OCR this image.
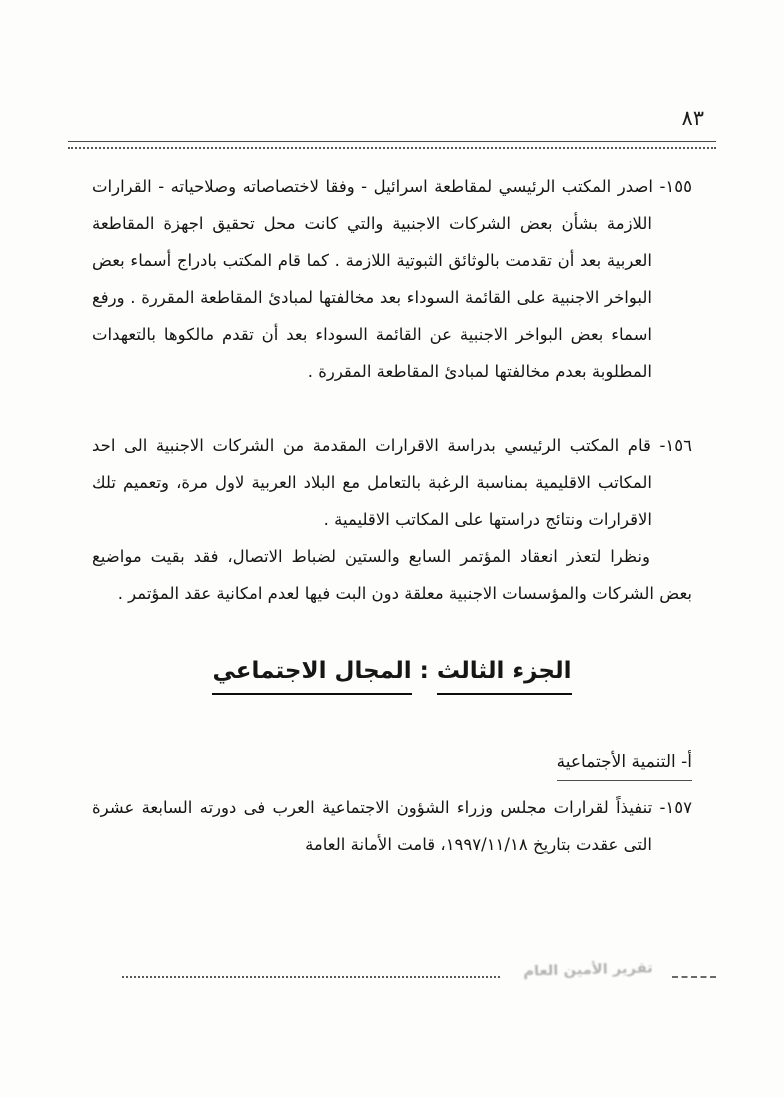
٨٣

١٥٥- اصدر المكتب الرئيسي لمقاطعة اسرائيل - وفقا لاختصاصاته وصلاحياته - القرارات اللازمة بشأن بعض الشركات الاجنبية والتي كانت محل تحقيق اجهزة المقاطعة العربية بعد أن تقدمت بالوثائق الثبوتية اللازمة . كما قام المكتب بادراج أسماء بعض البواخر الاجنبية على القائمة السوداء بعد مخالفتها لمبادئ المقاطعة المقررة . ورفع اسماء بعض البواخر الاجنبية عن القائمة السوداء بعد أن تقدم مالكوها بالتعهدات المطلوبة بعدم مخالفتها لمبادئ المقاطعة المقررة .

١٥٦- قام المكتب الرئيسي بدراسة الاقرارات المقدمة من الشركات الاجنبية الى احد المكاتب الاقليمية بمناسبة الرغبة بالتعامل مع البلاد العربية لاول مرة، وتعميم تلك الاقرارات ونتائج دراستها على المكاتب الاقليمية .

ونظرا لتعذر انعقاد المؤتمر السابع والستين لضباط الاتصال، فقد بقيت مواضيع بعض الشركات والمؤسسات الاجنبية معلقة دون البت فيها لعدم امكانية عقد المؤتمر .

الجزء الثالث:المجال الاجتماعي
أ- التنمية الأجتماعية

١٥٧- تنفيذاً لقرارات مجلس وزراء الشؤون الاجتماعية العرب فى دورته السابعة عشرة التى عقدت بتاريخ ١٩٩٧/١١/١٨، قامت الأمانة العامة

تقرير الأمين العام
